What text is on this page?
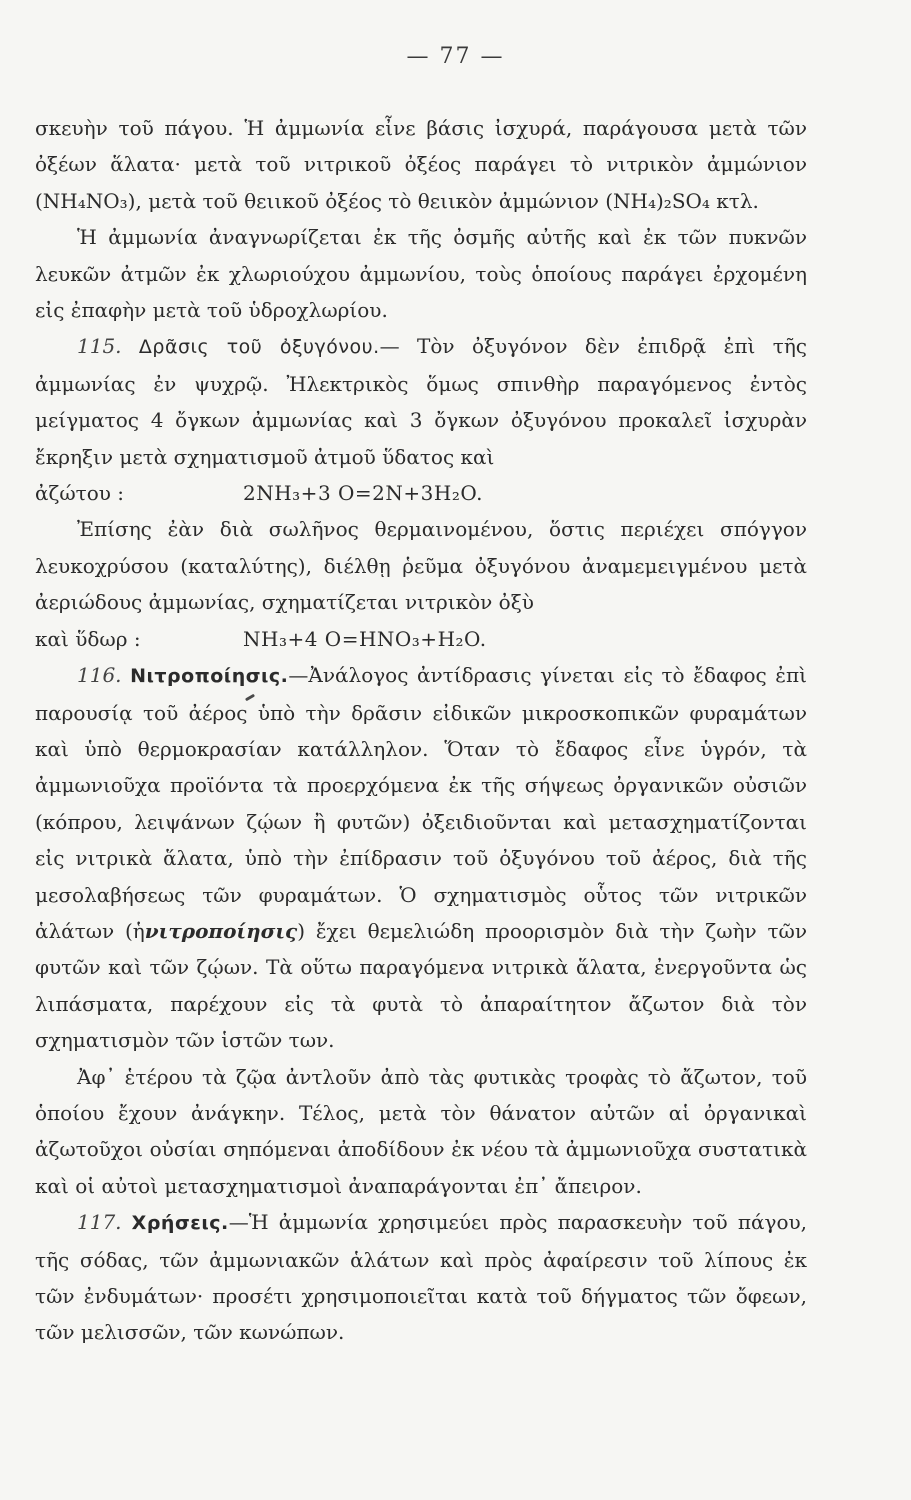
— 77 —

σκευὴν τοῦ πάγου. Ἡ ἀμμωνία εἶνε βάσις ἰσχυρά, παράγουσα μετὰ τῶν ὀξέων ἅλατα· μετὰ τοῦ νιτρικοῦ ὀξέος παράγει τὸ νιτρικὸν ἀμμώνιον (NH₄NO₃), μετὰ τοῦ θειικοῦ ὀξέος τὸ θειικὸν ἀμμώνιον (NH₄)₂SO₄ κτλ.

Ἡ ἀμμωνία ἀναγνωρίζεται ἐκ τῆς ὀσμῆς αὐτῆς καὶ ἐκ τῶν πυκνῶν λευκῶν ἀτμῶν ἐκ χλωριούχου ἀμμωνίου, τοὺς ὁποίους παράγει ἐρχομένη εἰς ἐπαφὴν μετὰ τοῦ ὑδροχλωρίου.

115. Δρᾶσις τοῦ ὀξυγόνου.— Τὸν ὀξυγόνον δὲν ἐπιδρᾷ ἐπὶ τῆς ἀμμωνίας ἐν ψυχρῷ. Ἠλεκτρικὸς ὅμως σπινθὴρ παραγόμενος ἐντὸς μείγματος 4 ὄγκων ἀμμωνίας καὶ 3 ὄγκων ὀξυγόνου προκαλεῖ ἰσχυρὰν ἔκρηξιν μετὰ σχηματισμοῦ ἀτμοῦ ὕδατος καὶ

ἀζώτου :	2NH₃+3 O=2N+3H₂O.

Ἐπίσης ἐὰν διὰ σωλῆνος θερμαινομένου, ὅστις περιέχει σπόγγον λευκοχρύσου (καταλύτης), διέλθῃ ῥεῦμα ὀξυγόνου ἀναμεμειγμένου μετὰ ἀεριώδους ἀμμωνίας, σχηματίζεται νιτρικὸν ὀξὺ

καὶ ὕδωρ :	NH₃+4 O=HNO₃+H₂O.

116. Νιτροποίησις.—Ἀνάλογος ἀντίδρασις γίνεται εἰς τὸ ἔδαφος ἐπὶ παρουσίᾳ τοῦ ἀέρος ὑπὸ τὴν δρᾶσιν εἰδικῶν μικροσκοπικῶν φυραμάτων καὶ ὑπὸ θερμοκρασίαν κατάλληλον. Ὅταν τὸ ἔδαφος εἶνε ὑγρόν, τὰ ἀμμωνιοῦχα προϊόντα τὰ προερχόμενα ἐκ τῆς σήψεως ὀργανικῶν οὐσιῶν (κόπρου, λειψάνων ζῴων ἢ φυτῶν) ὀξειδιοῦνται καὶ μετασχηματίζονται εἰς νιτρικὰ ἅλατα, ὑπὸ τὴν ἐπίδρασιν τοῦ ὀξυγόνου τοῦ ἀέρος, διὰ τῆς μεσολαβήσεως τῶν φυραμάτων. Ὁ σχηματισμὸς οὗτος τῶν νιτρικῶν ἁλάτων (ἡνιτροποίησις) ἔχει θεμελιώδη προορισμὸν διὰ τὴν ζωὴν τῶν φυτῶν καὶ τῶν ζῴων. Τὰ οὕτω παραγόμενα νιτρικὰ ἅλατα, ἐνεργοῦντα ὡς λιπάσματα, παρέχουν εἰς τὰ φυτὰ τὸ ἀπαραίτητον ἄζωτον διὰ τὸν σχηματισμὸν τῶν ἱστῶν των.

Ἀφ᾽ ἑτέρου τὰ ζῷα ἀντλοῦν ἀπὸ τὰς φυτικὰς τροφὰς τὸ ἄζωτον, τοῦ ὁποίου ἔχουν ἀνάγκην. Τέλος, μετὰ τὸν θάνατον αὐτῶν αἱ ὀργανικαὶ ἀζωτοῦχοι οὐσίαι σηπόμεναι ἀποδίδουν ἐκ νέου τὰ ἀμμωνιοῦχα συστατικὰ καὶ οἱ αὐτοὶ μετασχηματισμοὶ ἀναπαράγονται ἐπ᾽ ἄπειρον.

117. Χρήσεις.—Ἡ ἀμμωνία χρησιμεύει πρὸς παρασκευὴν τοῦ πάγου, τῆς σόδας, τῶν ἀμμωνιακῶν ἁλάτων καὶ πρὸς ἀφαίρεσιν τοῦ λίπους ἐκ τῶν ἐνδυμάτων· προσέτι χρησιμοποιεῖται κατὰ τοῦ δήγματος τῶν ὄφεων, τῶν μελισσῶν, τῶν κωνώπων.
